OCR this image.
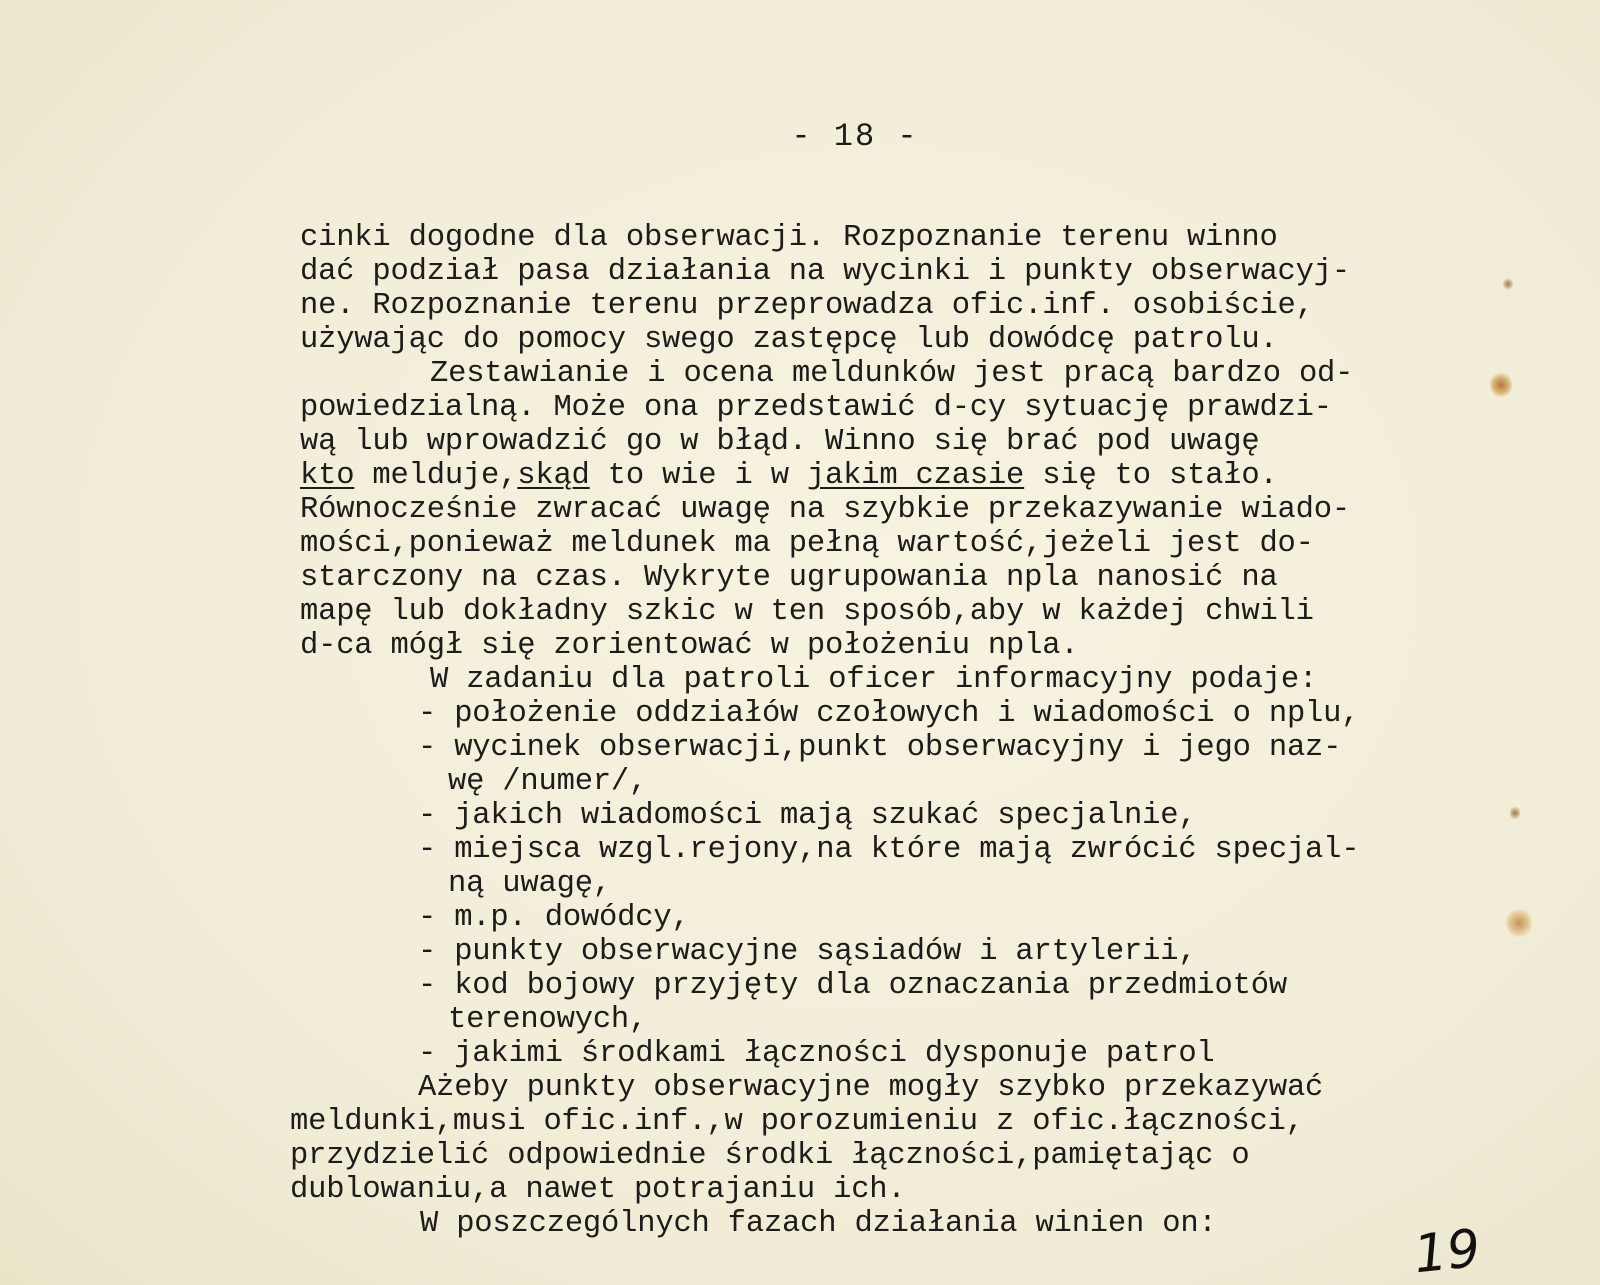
- 18 -
cinki dogodne dla obserwacji. Rozpoznanie terenu winno
dać podział pasa działania na wycinki i punkty obserwacyj-
ne. Rozpoznanie terenu przeprowadza ofic.inf. osobiście,
używając do pomocy swego zastępcę lub dowódcę patrolu.
Zestawianie i ocena meldunków jest pracą bardzo od-
powiedzialną. Może ona przedstawić d-cy sytuację prawdzi-
wą lub wprowadzić go w błąd. Winno się brać pod uwagę
kto melduje,skąd to wie i w jakim czasie się to stało.
Równocześnie zwracać uwagę na szybkie przekazywanie wiado-
mości,ponieważ meldunek ma pełną wartość,jeżeli jest do-
starczony na czas. Wykryte ugrupowania npla nanosić na
mapę lub dokładny szkic w ten sposób,aby w każdej chwili
d-ca mógł się zorientować w położeniu npla.
W zadaniu dla patroli oficer informacyjny podaje:
- położenie oddziałów czołowych i wiadomości o nplu,
- wycinek obserwacji,punkt obserwacyjny i jego naz-
wę /numer/,
- jakich wiadomości mają szukać specjalnie,
- miejsca wzgl.rejony,na które mają zwrócić specjal-
ną uwagę,
- m.p. dowódcy,
- punkty obserwacyjne sąsiadów i artylerii,
- kod bojowy przyjęty dla oznaczania przedmiotów
terenowych,
- jakimi środkami łączności dysponuje patrol
Ażeby punkty obserwacyjne mogły szybko przekazywać
meldunki,musi ofic.inf.,w porozumieniu z ofic.łączności,
przydzielić odpowiednie środki łączności,pamiętając o
dublowaniu,a nawet potrajaniu ich.
W poszczególnych fazach działania winien on:	19
